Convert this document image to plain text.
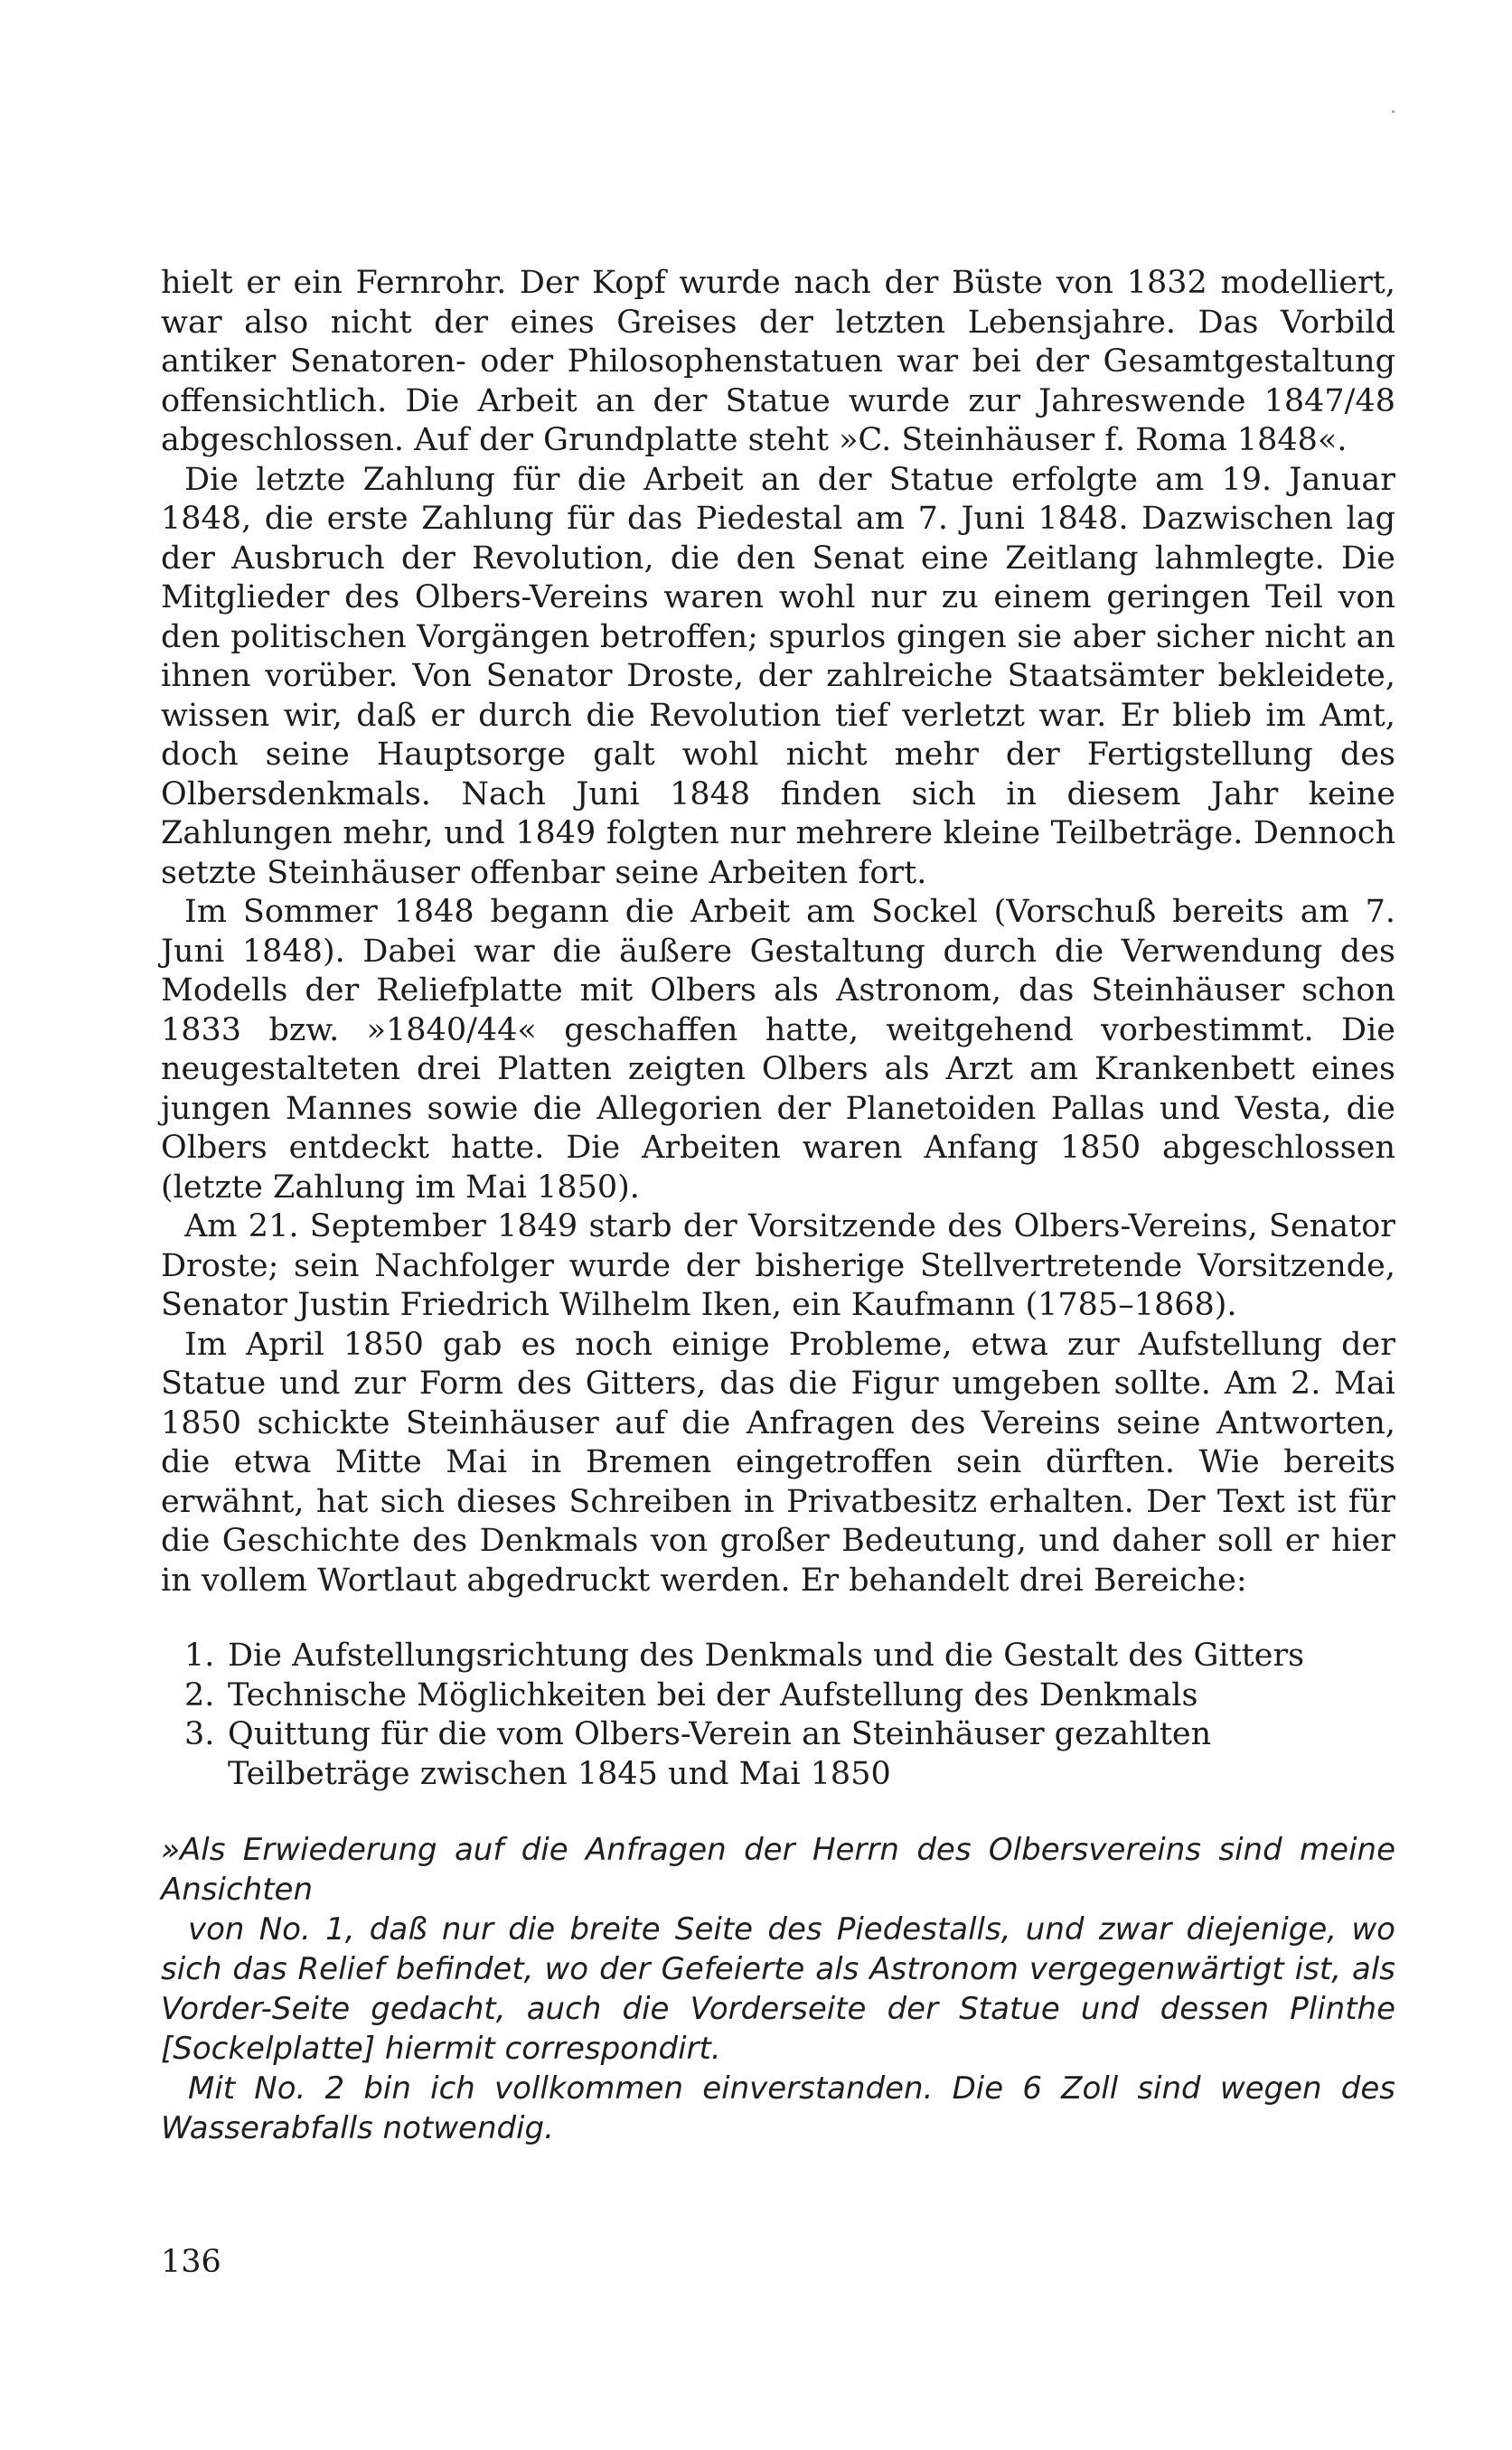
hielt er ein Fernrohr. Der Kopf wurde nach der Büste von 1832 modelliert, war also nicht der eines Greises der letzten Lebensjahre. Das Vorbild antiker Senatoren- oder Philosophenstatuen war bei der Gesamtgestaltung offensichtlich. Die Arbeit an der Statue wurde zur Jahreswende 1847/48 abgeschlossen. Auf der Grundplatte steht »C. Steinhäuser f. Roma 1848«.

Die letzte Zahlung für die Arbeit an der Statue erfolgte am 19. Januar 1848, die erste Zahlung für das Piedestal am 7. Juni 1848. Dazwischen lag der Ausbruch der Revolution, die den Senat eine Zeitlang lahmlegte. Die Mitglieder des Olbers-Vereins waren wohl nur zu einem geringen Teil von den politischen Vorgängen betroffen; spurlos gingen sie aber sicher nicht an ihnen vorüber. Von Senator Droste, der zahlreiche Staatsämter bekleidete, wissen wir, daß er durch die Revolution tief verletzt war. Er blieb im Amt, doch seine Hauptsorge galt wohl nicht mehr der Fertigstellung des Olbersdenkmals. Nach Juni 1848 finden sich in diesem Jahr keine Zahlungen mehr, und 1849 folgten nur mehrere kleine Teilbeträge. Dennoch setzte Steinhäuser offenbar seine Arbeiten fort.

Im Sommer 1848 begann die Arbeit am Sockel (Vorschuß bereits am 7. Juni 1848). Dabei war die äußere Gestaltung durch die Verwendung des Modells der Reliefplatte mit Olbers als Astronom, das Steinhäuser schon 1833 bzw. »1840/44« geschaffen hatte, weitgehend vorbestimmt. Die neugestalteten drei Platten zeigten Olbers als Arzt am Krankenbett eines jungen Mannes sowie die Allegorien der Planetoiden Pallas und Vesta, die Olbers entdeckt hatte. Die Arbeiten waren Anfang 1850 abgeschlossen (letzte Zahlung im Mai 1850).

Am 21. September 1849 starb der Vorsitzende des Olbers-Vereins, Senator Droste; sein Nachfolger wurde der bisherige Stellvertretende Vorsitzende, Senator Justin Friedrich Wilhelm Iken, ein Kaufmann (1785–1868).

Im April 1850 gab es noch einige Probleme, etwa zur Aufstellung der Statue und zur Form des Gitters, das die Figur umgeben sollte. Am 2. Mai 1850 schickte Steinhäuser auf die Anfragen des Vereins seine Antworten, die etwa Mitte Mai in Bremen eingetroffen sein dürften. Wie bereits erwähnt, hat sich dieses Schreiben in Privatbesitz erhalten. Der Text ist für die Geschichte des Denkmals von großer Bedeutung, und daher soll er hier in vollem Wortlaut abgedruckt werden. Er behandelt drei Bereiche:

1. Die Aufstellungsrichtung des Denkmals und die Gestalt des Gitters
2. Technische Möglichkeiten bei der Aufstellung des Denkmals
3. Quittung für die vom Olbers-Verein an Steinhäuser gezahlten Teilbeträge zwischen 1845 und Mai 1850
»Als Erwiederung auf die Anfragen der Herrn des Olbersvereins sind meine Ansichten
von No. 1, daß nur die breite Seite des Piedestalls, und zwar diejenige, wo sich das Relief befindet, wo der Gefeierte als Astronom vergegenwärtigt ist, als Vorder-Seite gedacht, auch die Vorderseite der Statue und dessen Plinthe [Sockelplatte] hiermit correspondirt.
Mit No. 2 bin ich vollkommen einverstanden. Die 6 Zoll sind wegen des Wasserabfalls notwendig.
136
